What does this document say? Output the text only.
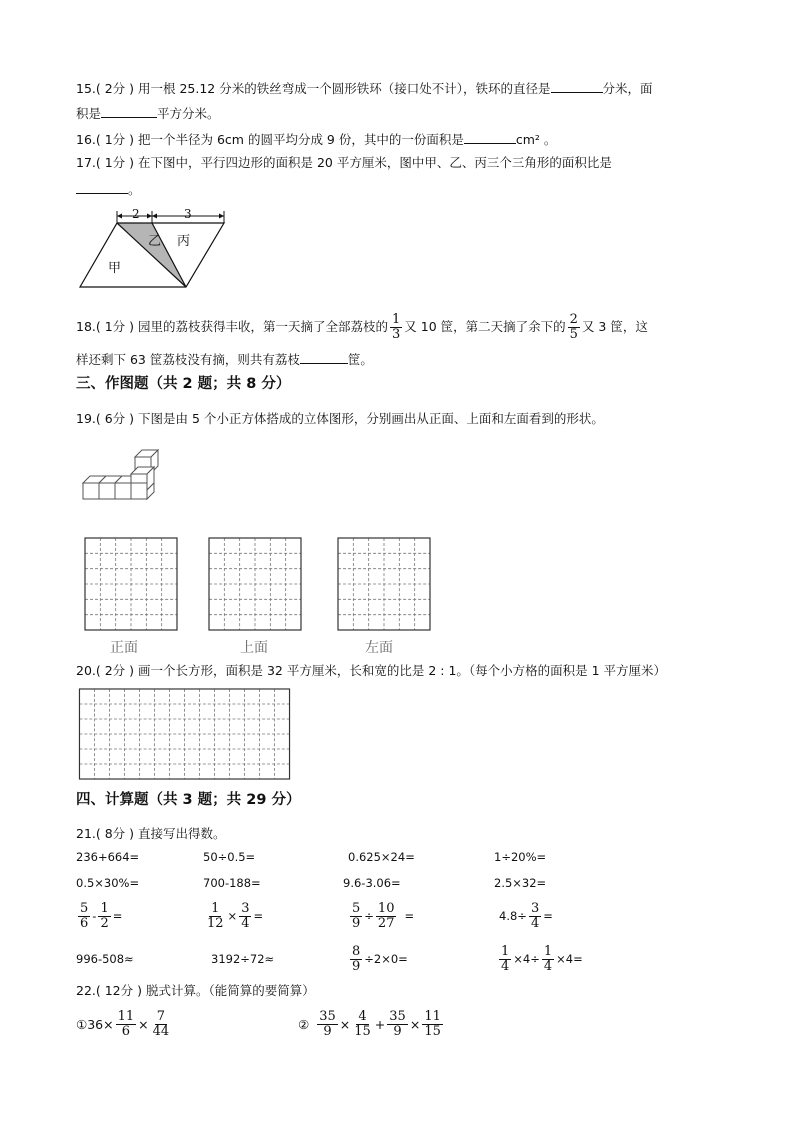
15.( 2分 ) 用一根 25.12 分米的铁丝弯成一个圆形铁环（接口处不计），铁环的直径是	分米，面
积是	平方分米。
16.( 1分 ) 把一个半径为 6cm 的圆平均分成 9 份，其中的一份面积是	cm² 。
17.( 1分 ) 在下图中，平行四边形的面积是 20 平方厘米，图中甲、乙、丙三个三角形的面积比是
。
2	3
甲
乙 丙
18.( 1分 ) 园里的荔枝获得丰收，第一天摘了全部荔枝的 $\frac{1}{3}$ 又 10 筐，第二天摘了余下的 $\frac{2}{5}$ 又 3 筐，这
样还剩下 63 筐荔枝没有摘，则共有荔枝	筐。
三、作图题（共 2 题；共 8 分）
19.( 6分 ) 下图是由 5 个小正方体搭成的立体图形，分别画出从正面、上面和左面看到的形状。
正面	上面	左面
20.( 2分 ) 画一个长方形，面积是 32 平方厘米，长和宽的比是 2 : 1。（每个小方格的面积是 1 平方厘米）
四、计算题（共 3 题；共 29 分）
21.( 8分 ) 直接写出得数。
236+664=	50÷0.5=	0.625×24=	1÷20%=
0.5×30%=	700-188=	9.6-3.06=	2.5×32=
$\frac{5}{6} - \frac{1}{2}$ =	$\frac{1}{12} \times \frac{3}{4}$ =	$\frac{5}{9} \div \frac{10}{27}$ =	$4.8\div \frac{3}{4}$ =
996-508≈	3192÷72≈	$\frac{8}{9} \div 2\times 0=$	$\frac{1}{4} \times 4\div \frac{1}{4} \times 4=$
22.( 12分 ) 脱式计算。（能简算的要简算）
①36× $\frac{11}{6} \times \frac{7}{44}$	② $\frac{35}{9} \times \frac{4}{15} + \frac{35}{9} \times \frac{11}{15}$
